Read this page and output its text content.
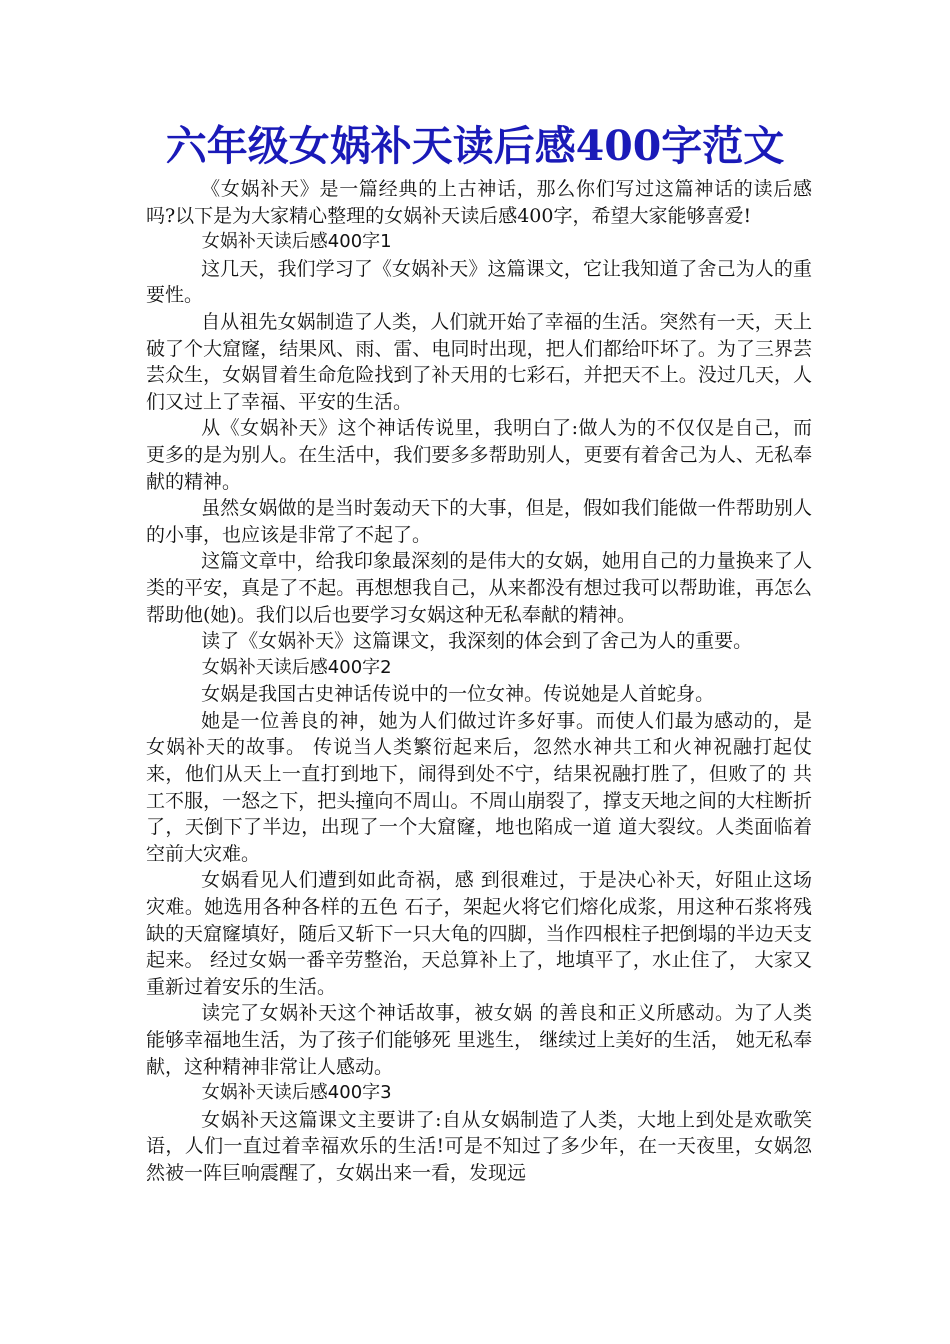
六年级女娲补天读后感400字范文

《女娲补天》是一篇经典的上古神话，那么你们写过这篇神话的读后感吗?以下是为大家精心整理的女娲补天读后感400字，希望大家能够喜爱!

女娲补天读后感400字1

这几天，我们学习了《女娲补天》这篇课文，它让我知道了舍己为人的重要性。

自从祖先女娲制造了人类，人们就开始了幸福的生活。突然有一天，天上破了个大窟窿，结果风、雨、雷、电同时出现，把人们都给吓坏了。为了三界芸芸众生，女娲冒着生命危险找到了补天用的七彩石，并把天不上。没过几天，人们又过上了幸福、平安的生活。

从《女娲补天》这个神话传说里，我明白了:做人为的不仅仅是自己，而更多的是为别人。在生活中，我们要多多帮助别人，更要有着舍己为人、无私奉献的精神。

虽然女娲做的是当时轰动天下的大事，但是，假如我们能做一件帮助别人的小事，也应该是非常了不起了。

这篇文章中，给我印象最深刻的是伟大的女娲，她用自己的力量换来了人类的平安，真是了不起。再想想我自己，从来都没有想过我可以帮助谁，再怎么帮助他(她)。我们以后也要学习女娲这种无私奉献的精神。

读了《女娲补天》这篇课文，我深刻的体会到了舍己为人的重要。

女娲补天读后感400字2

女娲是我国古史神话传说中的一位女神。传说她是人首蛇身。

她是一位善良的神，她为人们做过许多好事。而使人们最为感动的，是 女娲补天的故事。 传说当人类繁衍起来后，忽然水神共工和火神祝融打起仗来，他们从天上一直打到地下，闹得到处不宁，结果祝融打胜了，但败了的 共工不服，一怒之下，把头撞向不周山。不周山崩裂了，撑支天地之间的大柱断折了，天倒下了半边，出现了一个大窟窿，地也陷成一道 道大裂纹。人类面临着空前大灾难。

女娲看见人们遭到如此奇祸，感 到很难过，于是决心补天，好阻止这场灾难。她选用各种各样的五色 石子，架起火将它们熔化成浆，用这种石浆将残缺的天窟窿填好，随后又斩下一只大龟的四脚，当作四根柱子把倒塌的半边天支起来。 经过女娲一番辛劳整治，天总算补上了，地填平了，水止住了， 大家又重新过着安乐的生活。

读完了女娲补天这个神话故事，被女娲 的善良和正义所感动。为了人类能够幸福地生活，为了孩子们能够死 里逃生， 继续过上美好的生活， 她无私奉献，这种精神非常让人感动。

女娲补天读后感400字3

女娲补天这篇课文主要讲了:自从女娲制造了人类，大地上到处是欢歌笑语，人们一直过着幸福欢乐的生活!可是不知过了多少年，在一天夜里，女娲忽然被一阵巨响震醒了，女娲出来一看，发现远
